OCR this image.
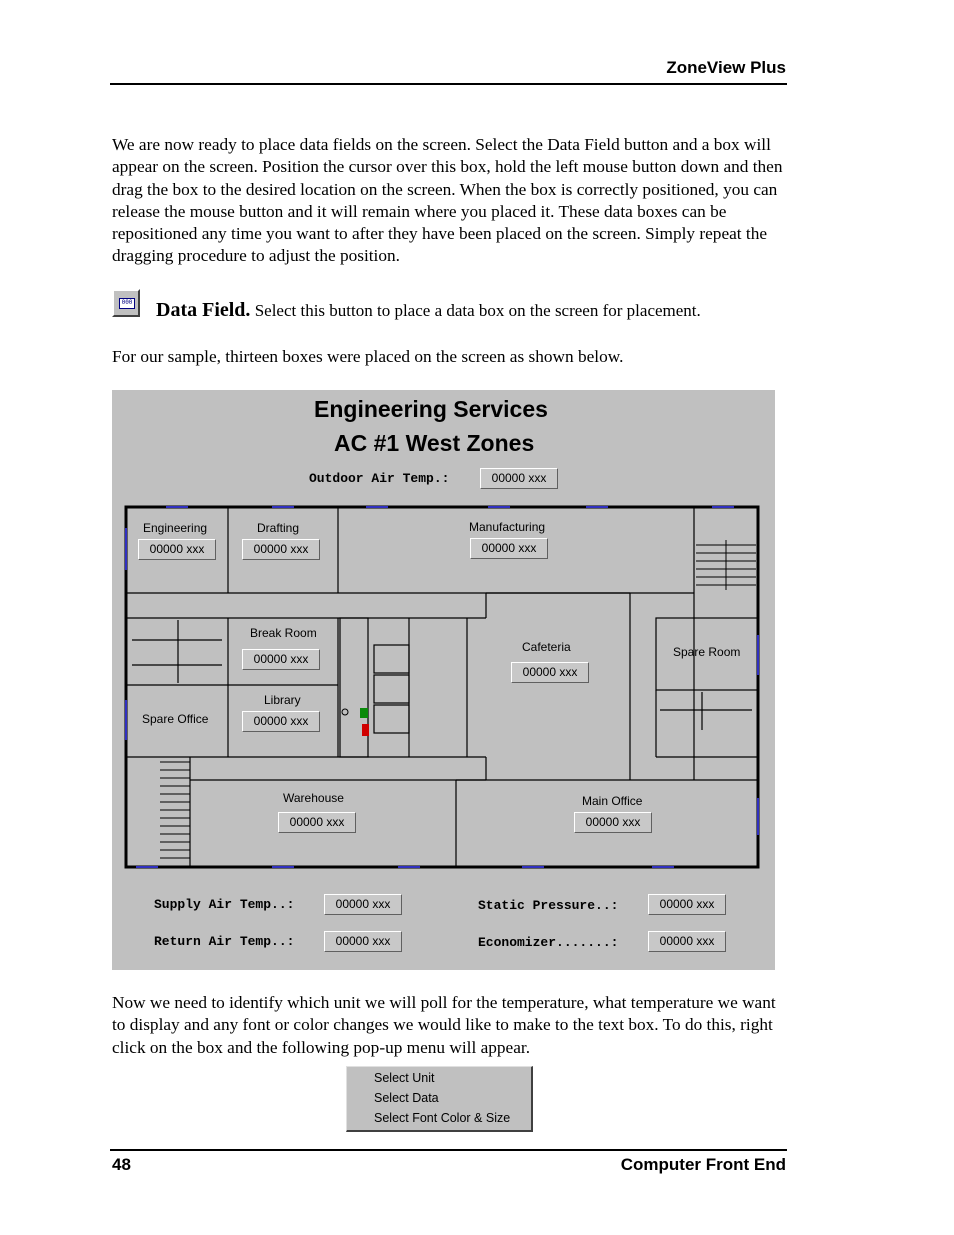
ZoneView Plus

We are now ready to place data fields on the screen. Select the Data Field button and a box will appear on the screen. Position the cursor over this box, hold the left mouse button down and then drag the box to the desired location on the screen. When the box is correctly positioned, you can release the mouse button and it will remain where you placed it. These data boxes can be repositioned any time you want to after they have been placed on the screen. Simply repeat the dragging procedure to adjust the position.

000 Data Field. Select this button to place a data box on the screen for placement.

For our sample, thirteen boxes were placed on the screen as shown below.

Engineering Services
AC #1 West Zones
Outdoor Air Temp.:	00000 xxx
Engineering
00000 xxx
Drafting
00000 xxx
Manufacturing
00000 xxx
Break Room
00000 xxx
Cafeteria
00000 xxx
Spare Room
Spare Office
Library
00000 xxx
Warehouse
00000 xxx
Main Office
00000 xxx
Supply Air Temp..:	00000 xxx
Return Air Temp..:	00000 xxx
Static Pressure..:	00000 xxx
Economizer.......:	00000 xxx

Now we need to identify which unit we will poll for the temperature, what temperature we want to display and any font or color changes we would like to make to the text box. To do this, right click on the box and the following pop-up menu will appear.

Select Unit
Select Data
Select Font Color & Size
48	Computer Front End
